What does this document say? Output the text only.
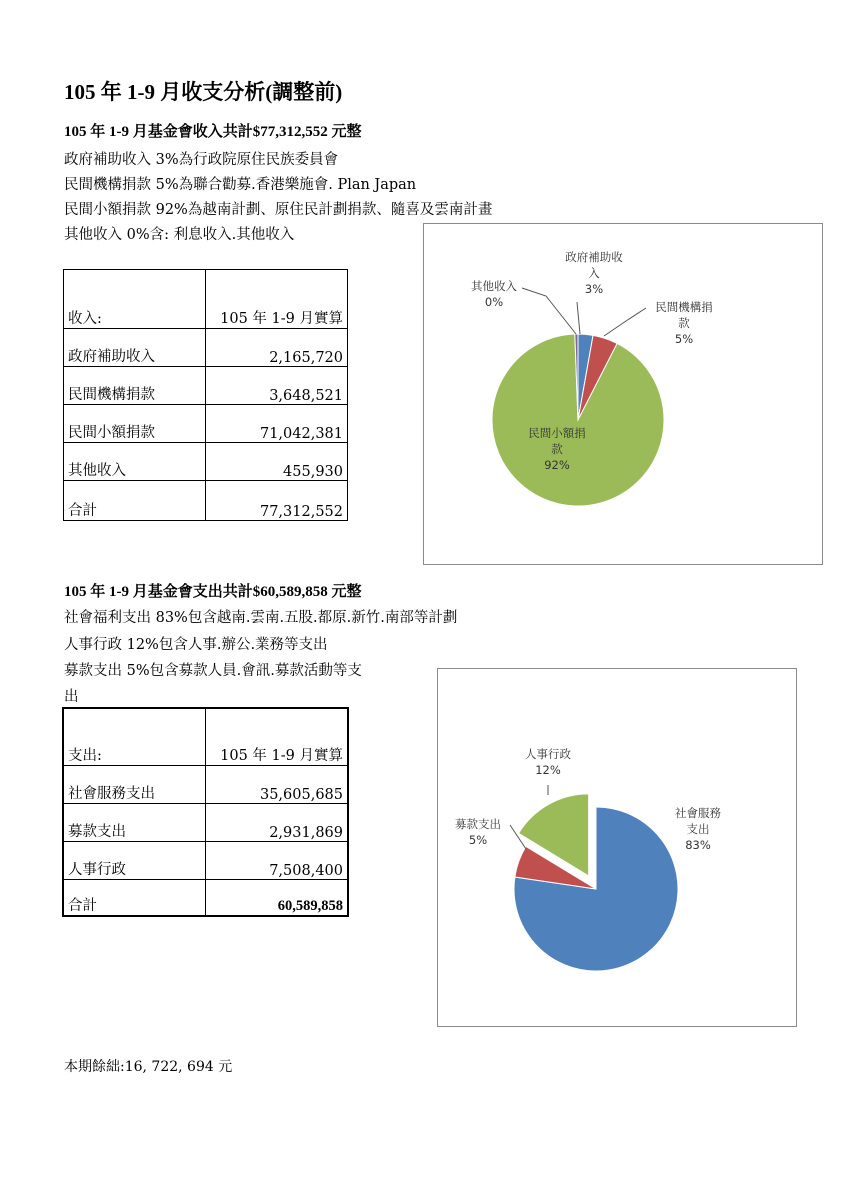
105 年 1-9 月收支分析(調整前)
105 年 1-9 月基金會收入共計$77,312,552 元整
政府補助收入 3%為行政院原住民族委員會
民間機構捐款 5%為聯合勸募.香港樂施會. Plan Japan
民間小額捐款 92%為越南計劃、原住民計劃捐款、隨喜及雲南計畫
其他收入 0%含: 利息收入.其他收入
收入:	105 年 1-9 月實算
政府補助收入	2,165,720
民間機構捐款	3,648,521
民間小額捐款	71,042,381
其他收入	455,930
合計	77,312,552
政府補助收
入
3%
民間機構捐
款
5%
民間小額捐
款
92%
其他收入
0%
105 年 1-9 月基金會支出共計$60,589,858 元整
社會福利支出 83%包含越南.雲南.五股.都原.新竹.南部等計劃
人事行政 12%包含人事.辦公.業務等支出
募款支出 5%包含募款人員.會訊.募款活動等支
出
支出:	105 年 1-9 月實算
社會服務支出	35,605,685
募款支出	2,931,869
人事行政	7,508,400
合計	60,589,858
社會服務
支出
83%
募款支出
5%
人事行政
12%
本期餘絀:16, 722, 694 元
